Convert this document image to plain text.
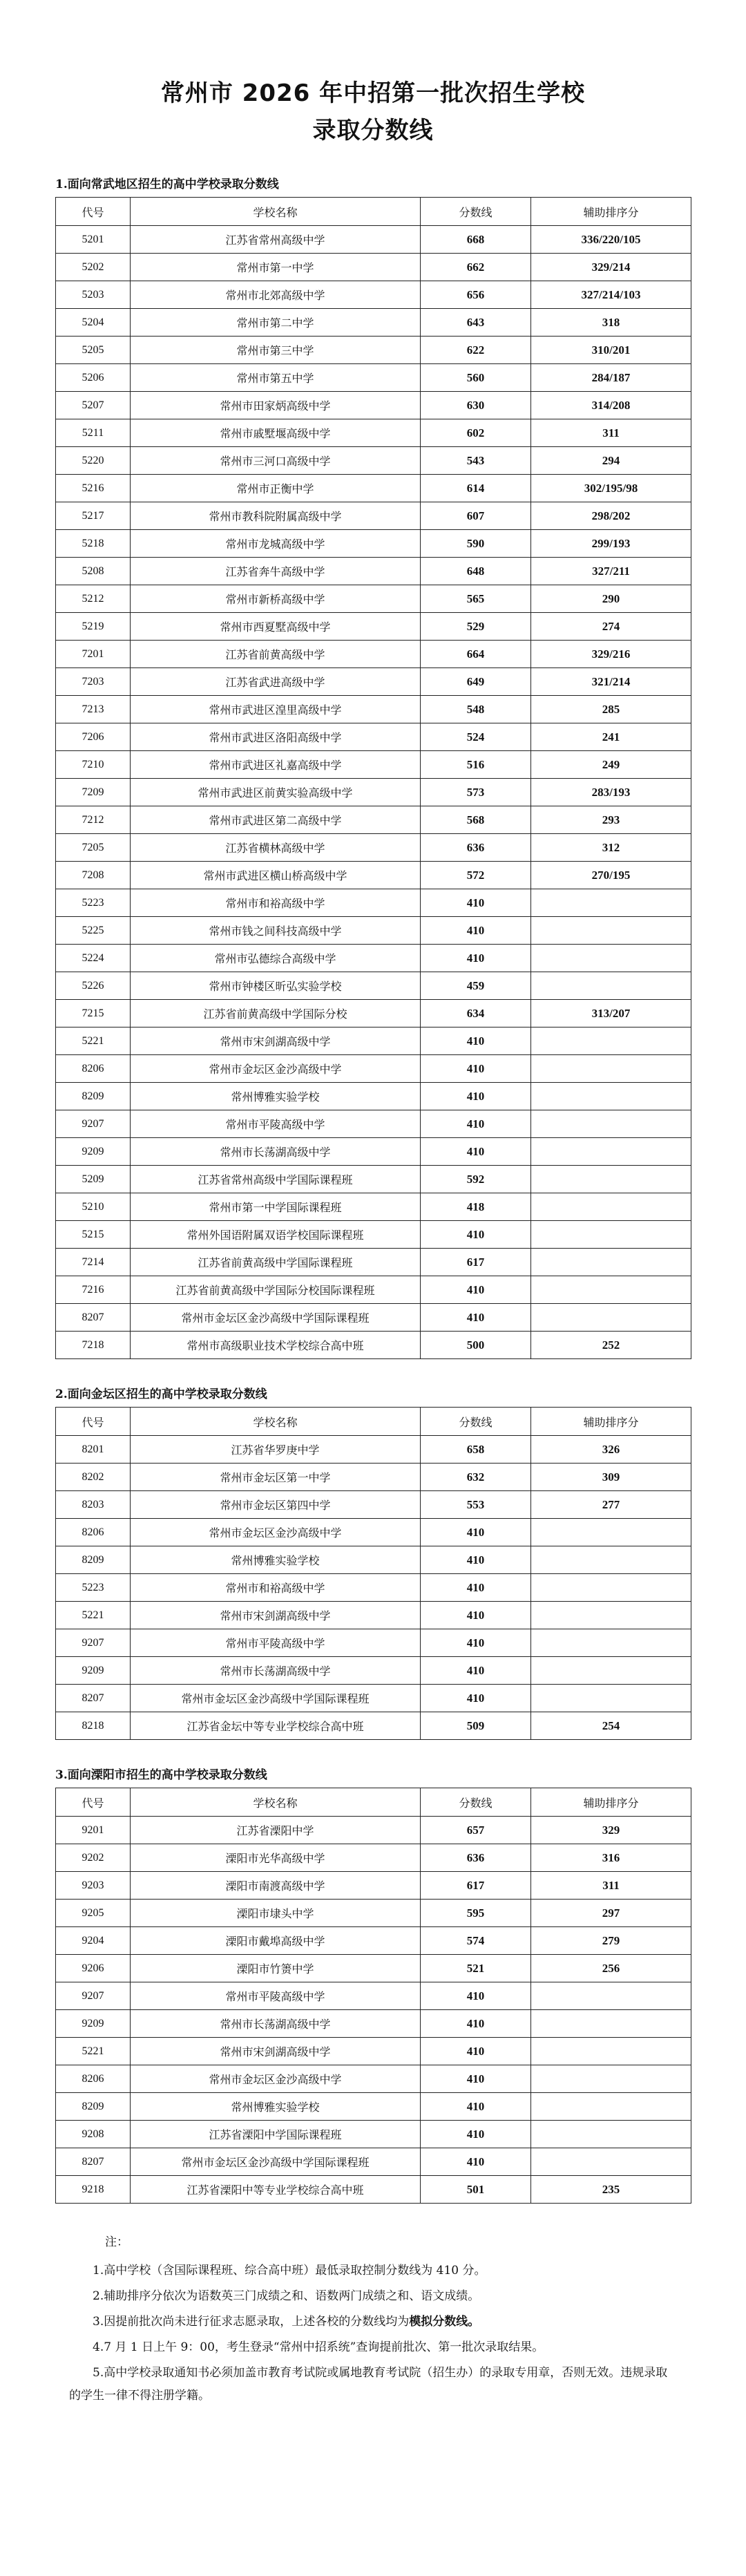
常州市 2026 年中招第一批次招生学校
录取分数线
1.面向常武地区招生的高中学校录取分数线
代号	学校名称	分数线	辅助排序分
5201	江苏省常州高级中学	668	336/220/105
5202	常州市第一中学	662	329/214
5203	常州市北郊高级中学	656	327/214/103
5204	常州市第二中学	643	318
5205	常州市第三中学	622	310/201
5206	常州市第五中学	560	284/187
5207	常州市田家炳高级中学	630	314/208
5211	常州市戚墅堰高级中学	602	311
5220	常州市三河口高级中学	543	294
5216	常州市正衡中学	614	302/195/98
5217	常州市教科院附属高级中学	607	298/202
5218	常州市龙城高级中学	590	299/193
5208	江苏省奔牛高级中学	648	327/211
5212	常州市新桥高级中学	565	290
5219	常州市西夏墅高级中学	529	274
7201	江苏省前黄高级中学	664	329/216
7203	江苏省武进高级中学	649	321/214
7213	常州市武进区湟里高级中学	548	285
7206	常州市武进区洛阳高级中学	524	241
7210	常州市武进区礼嘉高级中学	516	249
7209	常州市武进区前黄实验高级中学	573	283/193
7212	常州市武进区第二高级中学	568	293
7205	江苏省横林高级中学	636	312
7208	常州市武进区横山桥高级中学	572	270/195
5223	常州市和裕高级中学	410	
5225	常州市钱之间科技高级中学	410	
5224	常州市弘德综合高级中学	410	
5226	常州市钟楼区昕弘实验学校	459	
7215	江苏省前黄高级中学国际分校	634	313/207
5221	常州市宋剑湖高级中学	410	
8206	常州市金坛区金沙高级中学	410	
8209	常州博雅实验学校	410	
9207	常州市平陵高级中学	410	
9209	常州市长荡湖高级中学	410	
5209	江苏省常州高级中学国际课程班	592	
5210	常州市第一中学国际课程班	418	
5215	常州外国语附属双语学校国际课程班	410	
7214	江苏省前黄高级中学国际课程班	617	
7216	江苏省前黄高级中学国际分校国际课程班	410	
8207	常州市金坛区金沙高级中学国际课程班	410	
7218	常州市高级职业技术学校综合高中班	500	252
2.面向金坛区招生的高中学校录取分数线
代号	学校名称	分数线	辅助排序分
8201	江苏省华罗庚中学	658	326
8202	常州市金坛区第一中学	632	309
8203	常州市金坛区第四中学	553	277
8206	常州市金坛区金沙高级中学	410	
8209	常州博雅实验学校	410	
5223	常州市和裕高级中学	410	
5221	常州市宋剑湖高级中学	410	
9207	常州市平陵高级中学	410	
9209	常州市长荡湖高级中学	410	
8207	常州市金坛区金沙高级中学国际课程班	410	
8218	江苏省金坛中等专业学校综合高中班	509	254
3.面向溧阳市招生的高中学校录取分数线
代号	学校名称	分数线	辅助排序分
9201	江苏省溧阳中学	657	329
9202	溧阳市光华高级中学	636	316
9203	溧阳市南渡高级中学	617	311
9205	溧阳市埭头中学	595	297
9204	溧阳市戴埠高级中学	574	279
9206	溧阳市竹箦中学	521	256
9207	常州市平陵高级中学	410	
9209	常州市长荡湖高级中学	410	
5221	常州市宋剑湖高级中学	410	
8206	常州市金坛区金沙高级中学	410	
8209	常州博雅实验学校	410	
9208	江苏省溧阳中学国际课程班	410	
8207	常州市金坛区金沙高级中学国际课程班	410	
9218	江苏省溧阳中等专业学校综合高中班	501	235
注：

1.高中学校（含国际课程班、综合高中班）最低录取控制分数线为 410 分。

2.辅助排序分依次为语数英三门成绩之和、语数两门成绩之和、语文成绩。

3.因提前批次尚未进行征求志愿录取，上述各校的分数线均为模拟分数线。

4.7 月 1 日上午 9：00，考生登录“常州中招系统”查询提前批次、第一批次录取结果。

5.高中学校录取通知书必须加盖市教育考试院或属地教育考试院（招生办）的录取专用章，否则无效。违规录取的学生一律不得注册学籍。
